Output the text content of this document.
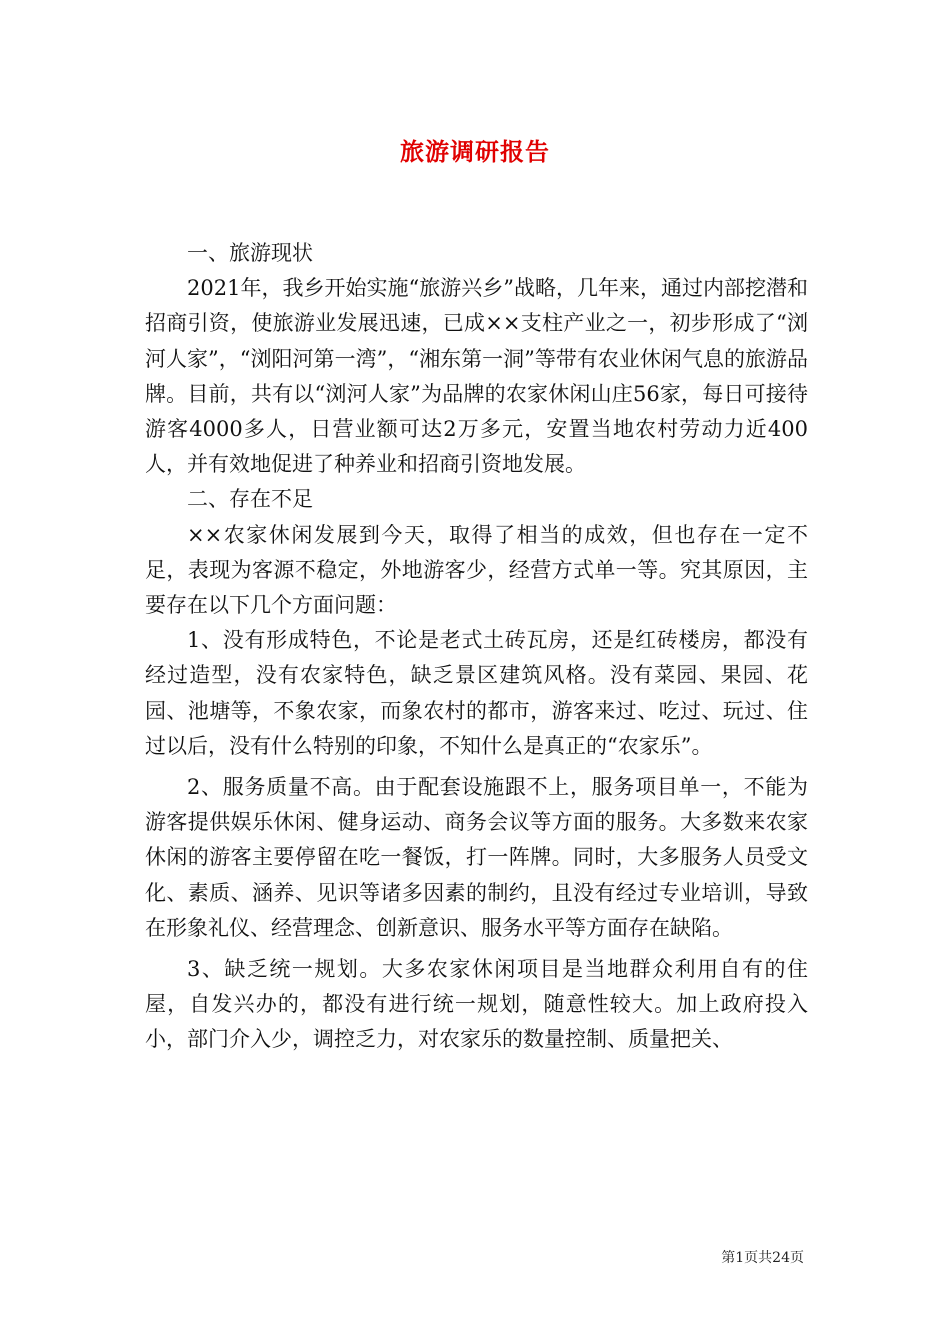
旅游调研报告

一、旅游现状

2021年，我乡开始实施“旅游兴乡”战略，几年来，通过内部挖潜和招商引资，使旅游业发展迅速，已成××支柱产业之一，初步形成了“浏河人家”，“浏阳河第一湾”，“湘东第一洞”等带有农业休闲气息的旅游品牌。目前，共有以“浏河人家”为品牌的农家休闲山庄56家，每日可接待游客4000多人，日营业额可达2万多元，安置当地农村劳动力近400人，并有效地促进了种养业和招商引资地发展。

二、存在不足

××农家休闲发展到今天，取得了相当的成效，但也存在一定不足，表现为客源不稳定，外地游客少，经营方式单一等。究其原因，主要存在以下几个方面问题：

1、没有形成特色，不论是老式土砖瓦房，还是红砖楼房，都没有经过造型，没有农家特色，缺乏景区建筑风格。没有菜园、果园、花园、池塘等，不象农家，而象农村的都市，游客来过、吃过、玩过、住过以后，没有什么特别的印象，不知什么是真正的“农家乐”。

2、服务质量不高。由于配套设施跟不上，服务项目单一，不能为游客提供娱乐休闲、健身运动、商务会议等方面的服务。大多数来农家休闲的游客主要停留在吃一餐饭，打一阵牌。同时，大多服务人员受文化、素质、涵养、见识等诸多因素的制约，且没有经过专业培训，导致在形象礼仪、经营理念、创新意识、服务水平等方面存在缺陷。

3、缺乏统一规划。大多农家休闲项目是当地群众利用自有的住屋，自发兴办的，都没有进行统一规划，随意性较大。加上政府投入小，部门介入少，调控乏力，对农家乐的数量控制、质量把关、

第1页共24页
